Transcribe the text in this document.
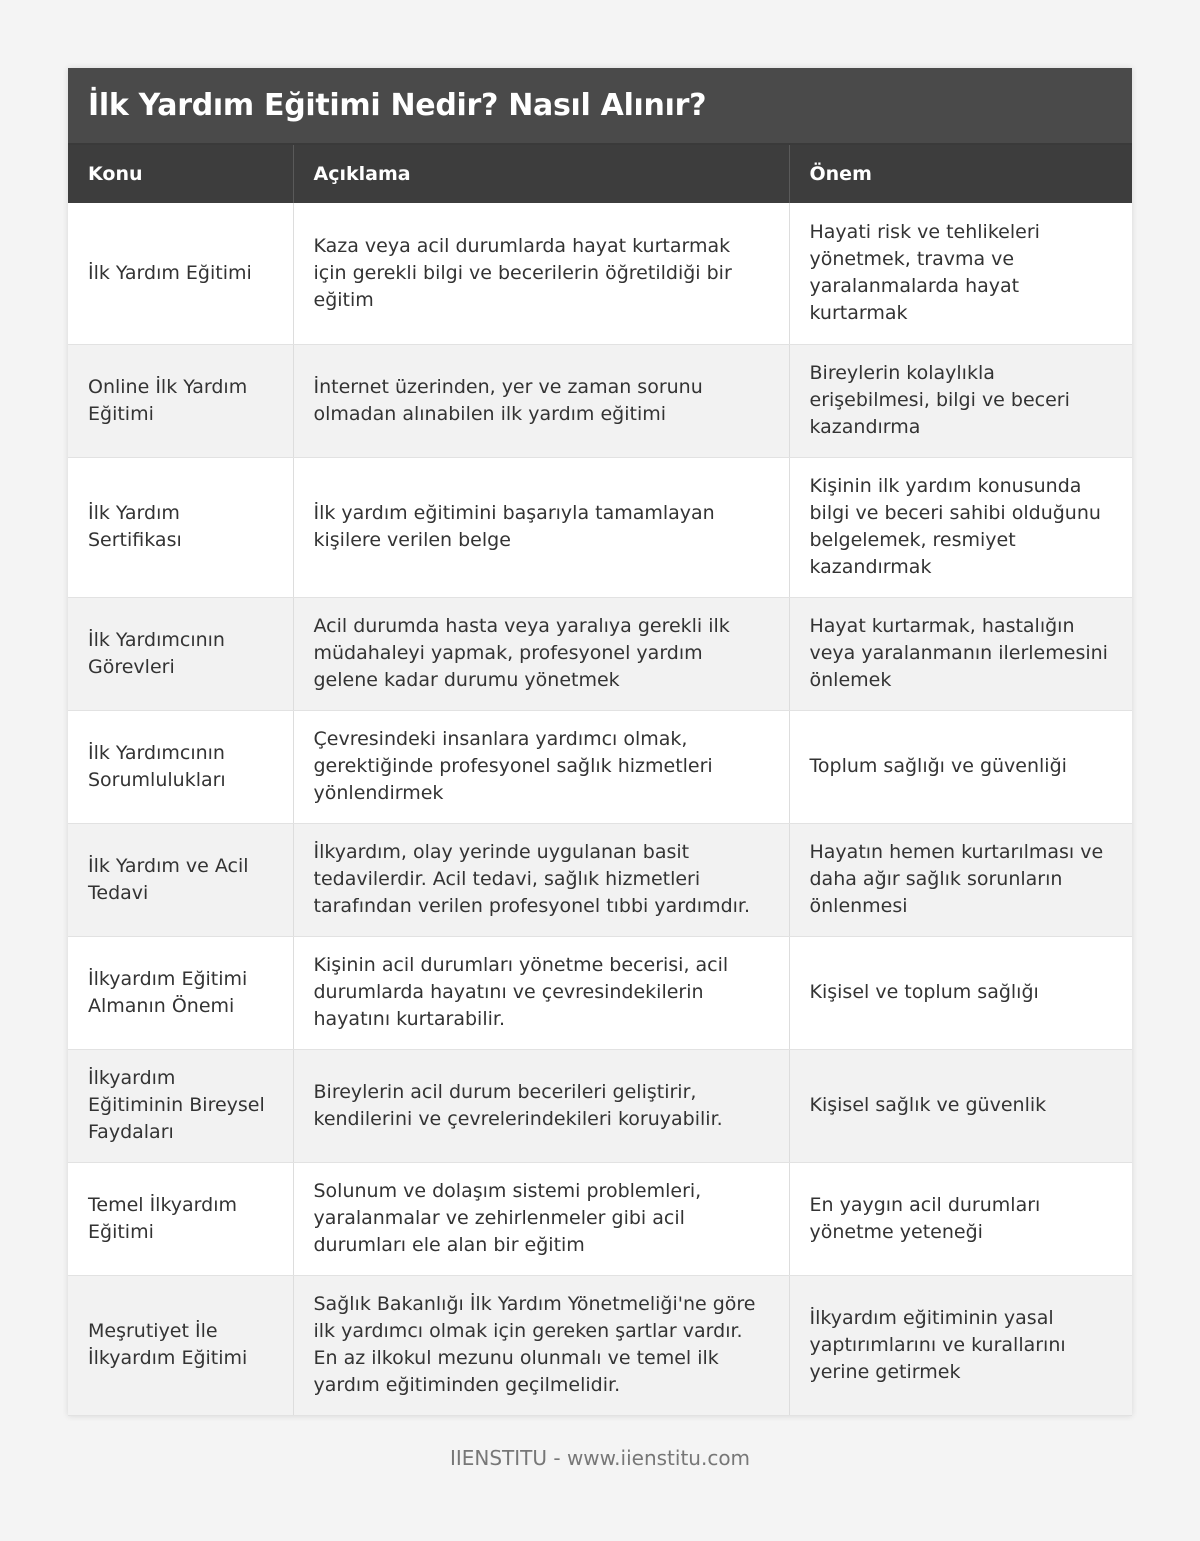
İlk Yardım Eğitimi Nedir? Nasıl Alınır?
Konu	Açıklama	Önem
İlk Yardım Eğitimi	Kaza veya acil durumlarda hayat kurtarmak için gerekli bilgi ve becerilerin öğretildiği bir eğitim	Hayati risk ve tehlikeleri yönetmek, travma ve yaralanmalarda hayat kurtarmak
Online İlk Yardım Eğitimi	İnternet üzerinden, yer ve zaman sorunu olmadan alınabilen ilk yardım eğitimi	Bireylerin kolaylıkla erişebilmesi, bilgi ve beceri kazandırma
İlk Yardım Sertifikası	İlk yardım eğitimini başarıyla tamamlayan kişilere verilen belge	Kişinin ilk yardım konusunda bilgi ve beceri sahibi olduğunu belgelemek, resmiyet kazandırmak
İlk Yardımcının Görevleri	Acil durumda hasta veya yaralıya gerekli ilk müdahaleyi yapmak, profesyonel yardım gelene kadar durumu yönetmek	Hayat kurtarmak, hastalığın veya yaralanmanın ilerlemesini önlemek
İlk Yardımcının Sorumlulukları	Çevresindeki insanlara yardımcı olmak, gerektiğinde profesyonel sağlık hizmetleri yönlendirmek	Toplum sağlığı ve güvenliği
İlk Yardım ve Acil Tedavi	İlkyardım, olay yerinde uygulanan basit tedavilerdir. Acil tedavi, sağlık hizmetleri tarafından verilen profesyonel tıbbi yardımdır.	Hayatın hemen kurtarılması ve daha ağır sağlık sorunların önlenmesi
İlkyardım Eğitimi Almanın Önemi	Kişinin acil durumları yönetme becerisi, acil durumlarda hayatını ve çevresindekilerin hayatını kurtarabilir.	Kişisel ve toplum sağlığı
İlkyardım Eğitiminin Bireysel Faydaları	Bireylerin acil durum becerileri geliştirir, kendilerini ve çevrelerindekileri koruyabilir.	Kişisel sağlık ve güvenlik
Temel İlkyardım Eğitimi	Solunum ve dolaşım sistemi problemleri, yaralanmalar ve zehirlenmeler gibi acil durumları ele alan bir eğitim	En yaygın acil durumları yönetme yeteneği
Meşrutiyet İle İlkyardım Eğitimi	Sağlık Bakanlığı İlk Yardım Yönetmeliği'ne göre ilk yardımcı olmak için gereken şartlar vardır. En az ilkokul mezunu olunmalı ve temel ilk yardım eğitiminden geçilmelidir.	İlkyardım eğitiminin yasal yaptırımlarını ve kurallarını yerine getirmek
IIENSTITU - www.iienstitu.com
